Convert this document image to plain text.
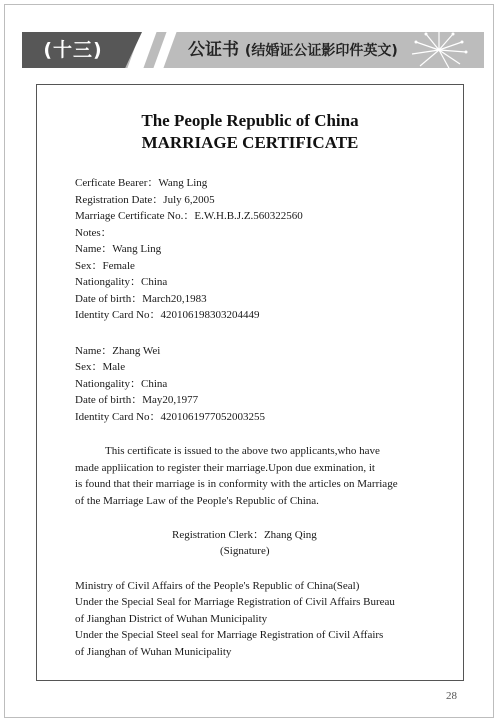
(十三)	公证书 (结婚证公证影印件英文)
The People Republic of China
MARRIAGE CERTIFICATE
Cerficate Bearer：Wang Ling
Registration Date：July 6,2005
Marriage Certificate No.：E.W.H.B.J.Z.560322560
Notes：
Name：Wang Ling
Sex：Female
Nationgality：China
Date of birth：March20,1983
Identity Card No：420106198303204449
Name：Zhang Wei
Sex：Male
Nationgality：China
Date of birth：May20,1977
Identity Card No：4201061977052003255
This certificate is issued to the above two applicants,who have
made appliication to register their marriage.Upon due exmination, it
is found that their marriage is in conformity with the articles on Marriage
of the Marriage Law of the People's Republic of China.
Registration Clerk：Zhang Qing
(Signature)
Ministry of Civil Affairs of the People's Republic of China(Seal)
Under the Special Seal for Marriage Registration of Civil Affairs Bureau
of Jianghan District of Wuhan Municipality
Under the Special Steel seal for Marriage Registration of Civil Affairs
of Jianghan of Wuhan Municipality
28
